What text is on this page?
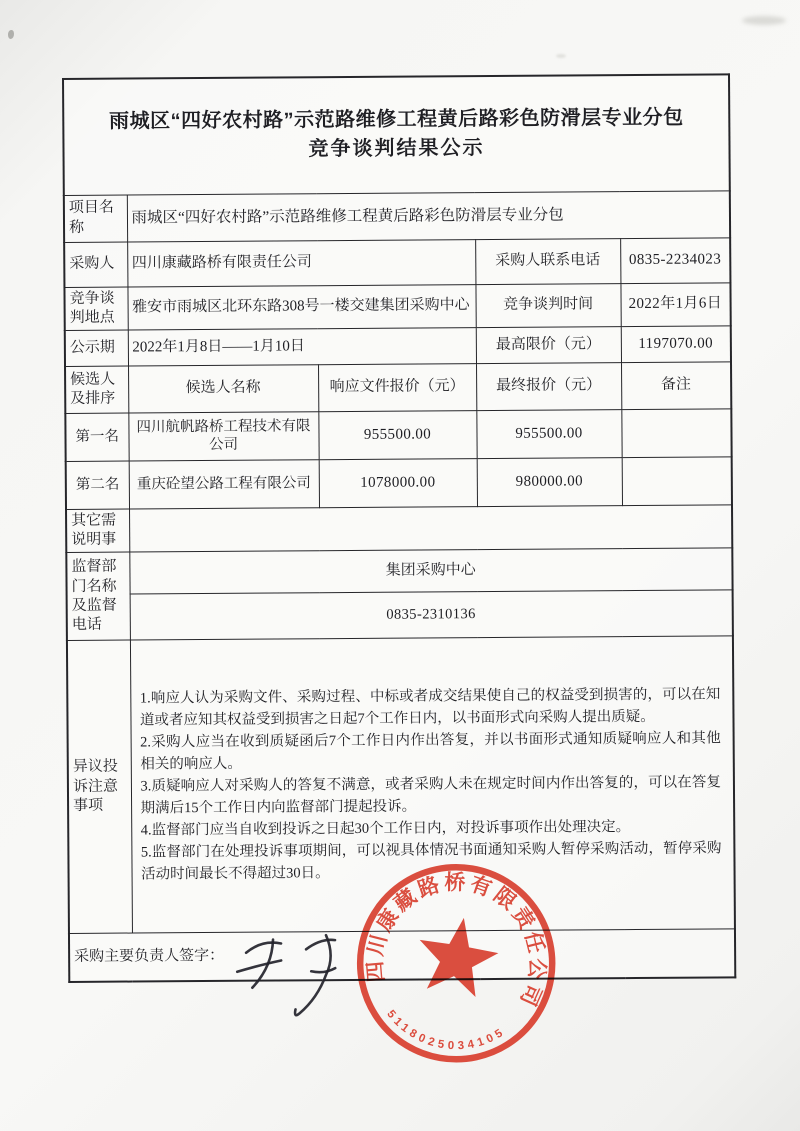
雨城区“四好农村路”示范路维修工程黄后路彩色防滑层专业分包
竞争谈判结果公示				

项目名称	雨城区“四好农村路”示范路维修工程黄后路彩色防滑层专业分包			
采购人	四川康藏路桥有限责任公司		采购人联系电话	0835-2234023
竞争谈判地点	雅安市雨城区北环东路308号一楼交建集团采购中心		竞争谈判时间	2022年1月6日
公示期	2022年1月8日——1月10日		最高限价（元）	1197070.00
候选人及排序	候选人名称	响应文件报价（元）	最终报价（元）	备注
第一名	四川航帆路桥工程技术有限公司	955500.00	955500.00	
第二名	重庆砼望公路工程有限公司	1078000.00	980000.00	
其它需说明事				
监督部门名称及监督电话	集团采购中心			
	0835-2310136			
异议投诉注意事项	1.响应人认为采购文件、采购过程、中标或者成交结果使自己的权益受到损害的，可以在知道或者应知其权益受到损害之日起7个工作日内，以书面形式向采购人提出质疑。
2.采购人应当在收到质疑函后7个工作日内作出答复，并以书面形式通知质疑响应人和其他相关的响应人。
3.质疑响应人对采购人的答复不满意，或者采购人未在规定时间内作出答复的，可以在答复期满后15个工作日内向监督部门提起投诉。
4.监督部门应当自收到投诉之日起30个工作日内，对投诉事项作出处理决定。
5.监督部门在处理投诉事项期间，可以视具体情况书面通知采购人暂停采购活动，暂停采购活动时间最长不得超过30日。			

采购主要负责人签字：				
四川康藏路桥有限责任公司
5118025034105
